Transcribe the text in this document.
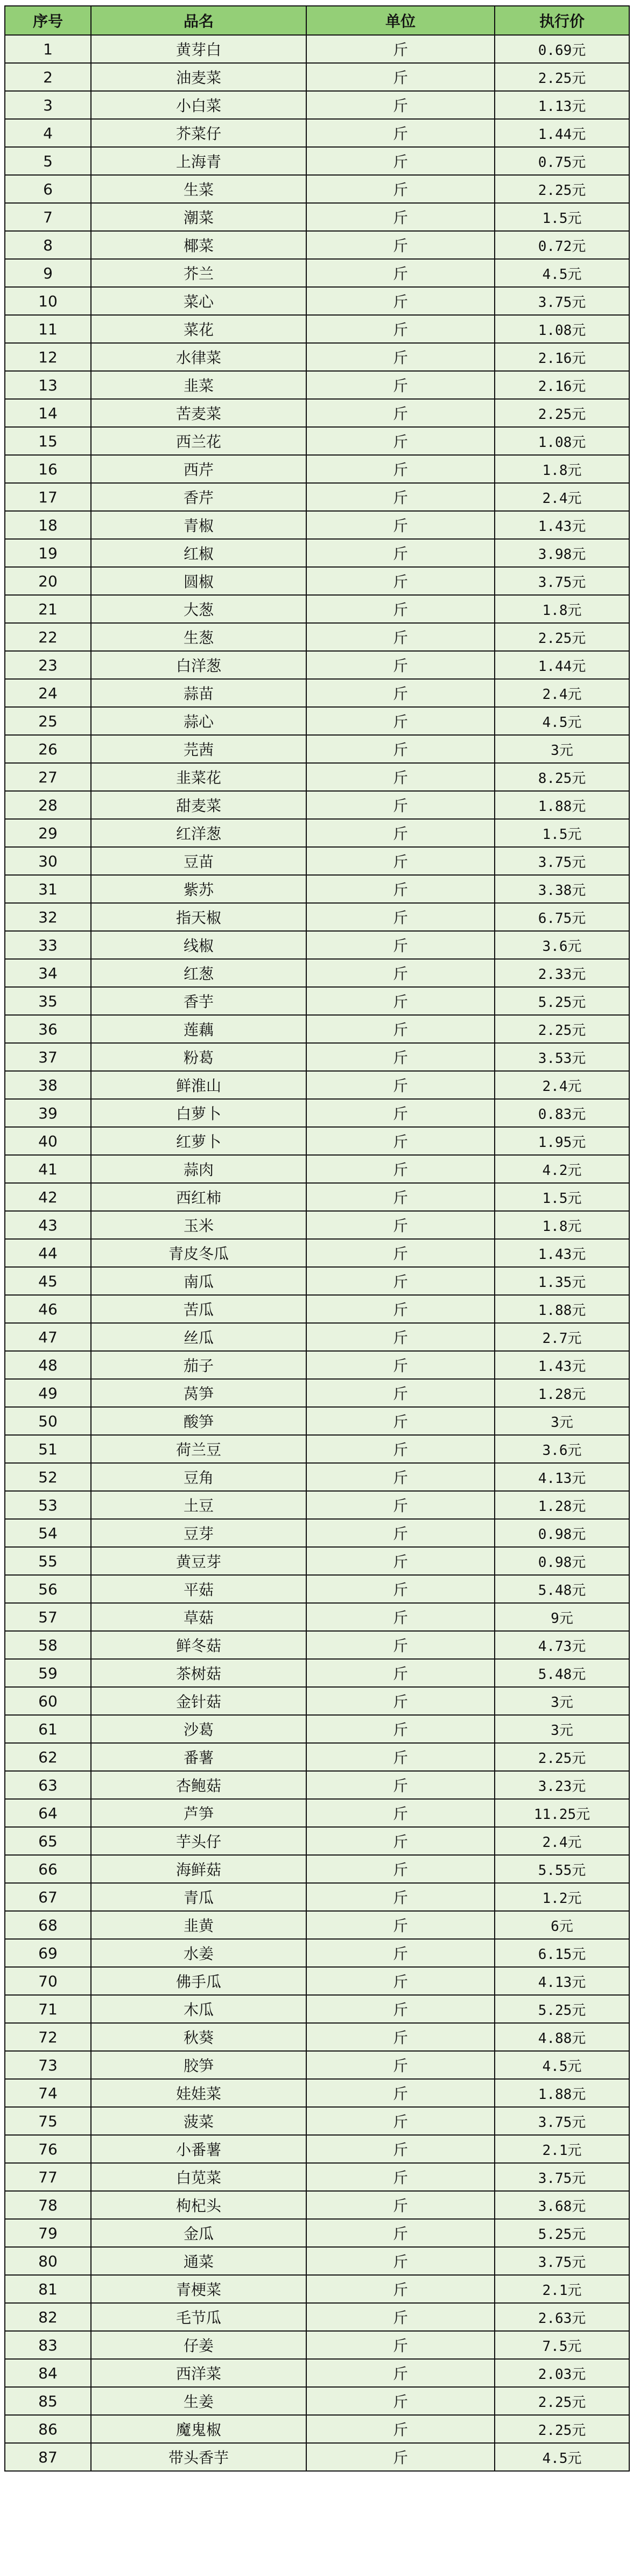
序号	品名	单位	执行价
1	黄芽白	斤	0.69元
2	油麦菜	斤	2.25元
3	小白菜	斤	1.13元
4	芥菜仔	斤	1.44元
5	上海青	斤	0.75元
6	生菜	斤	2.25元
7	潮菜	斤	1.5元
8	椰菜	斤	0.72元
9	芥兰	斤	4.5元
10	菜心	斤	3.75元
11	菜花	斤	1.08元
12	水律菜	斤	2.16元
13	韭菜	斤	2.16元
14	苦麦菜	斤	2.25元
15	西兰花	斤	1.08元
16	西芹	斤	1.8元
17	香芹	斤	2.4元
18	青椒	斤	1.43元
19	红椒	斤	3.98元
20	圆椒	斤	3.75元
21	大葱	斤	1.8元
22	生葱	斤	2.25元
23	白洋葱	斤	1.44元
24	蒜苗	斤	2.4元
25	蒜心	斤	4.5元
26	芫茜	斤	3元
27	韭菜花	斤	8.25元
28	甜麦菜	斤	1.88元
29	红洋葱	斤	1.5元
30	豆苗	斤	3.75元
31	紫苏	斤	3.38元
32	指天椒	斤	6.75元
33	线椒	斤	3.6元
34	红葱	斤	2.33元
35	香芋	斤	5.25元
36	莲藕	斤	2.25元
37	粉葛	斤	3.53元
38	鲜淮山	斤	2.4元
39	白萝卜	斤	0.83元
40	红萝卜	斤	1.95元
41	蒜肉	斤	4.2元
42	西红柿	斤	1.5元
43	玉米	斤	1.8元
44	青皮冬瓜	斤	1.43元
45	南瓜	斤	1.35元
46	苦瓜	斤	1.88元
47	丝瓜	斤	2.7元
48	茄子	斤	1.43元
49	莴笋	斤	1.28元
50	酸笋	斤	3元
51	荷兰豆	斤	3.6元
52	豆角	斤	4.13元
53	土豆	斤	1.28元
54	豆芽	斤	0.98元
55	黄豆芽	斤	0.98元
56	平菇	斤	5.48元
57	草菇	斤	9元
58	鲜冬菇	斤	4.73元
59	茶树菇	斤	5.48元
60	金针菇	斤	3元
61	沙葛	斤	3元
62	番薯	斤	2.25元
63	杏鲍菇	斤	3.23元
64	芦笋	斤	11.25元
65	芋头仔	斤	2.4元
66	海鲜菇	斤	5.55元
67	青瓜	斤	1.2元
68	韭黄	斤	6元
69	水姜	斤	6.15元
70	佛手瓜	斤	4.13元
71	木瓜	斤	5.25元
72	秋葵	斤	4.88元
73	胶笋	斤	4.5元
74	娃娃菜	斤	1.88元
75	菠菜	斤	3.75元
76	小番薯	斤	2.1元
77	白苋菜	斤	3.75元
78	枸杞头	斤	3.68元
79	金瓜	斤	5.25元
80	通菜	斤	3.75元
81	青梗菜	斤	2.1元
82	毛节瓜	斤	2.63元
83	仔姜	斤	7.5元
84	西洋菜	斤	2.03元
85	生姜	斤	2.25元
86	魔鬼椒	斤	2.25元
87	带头香芋	斤	4.5元
